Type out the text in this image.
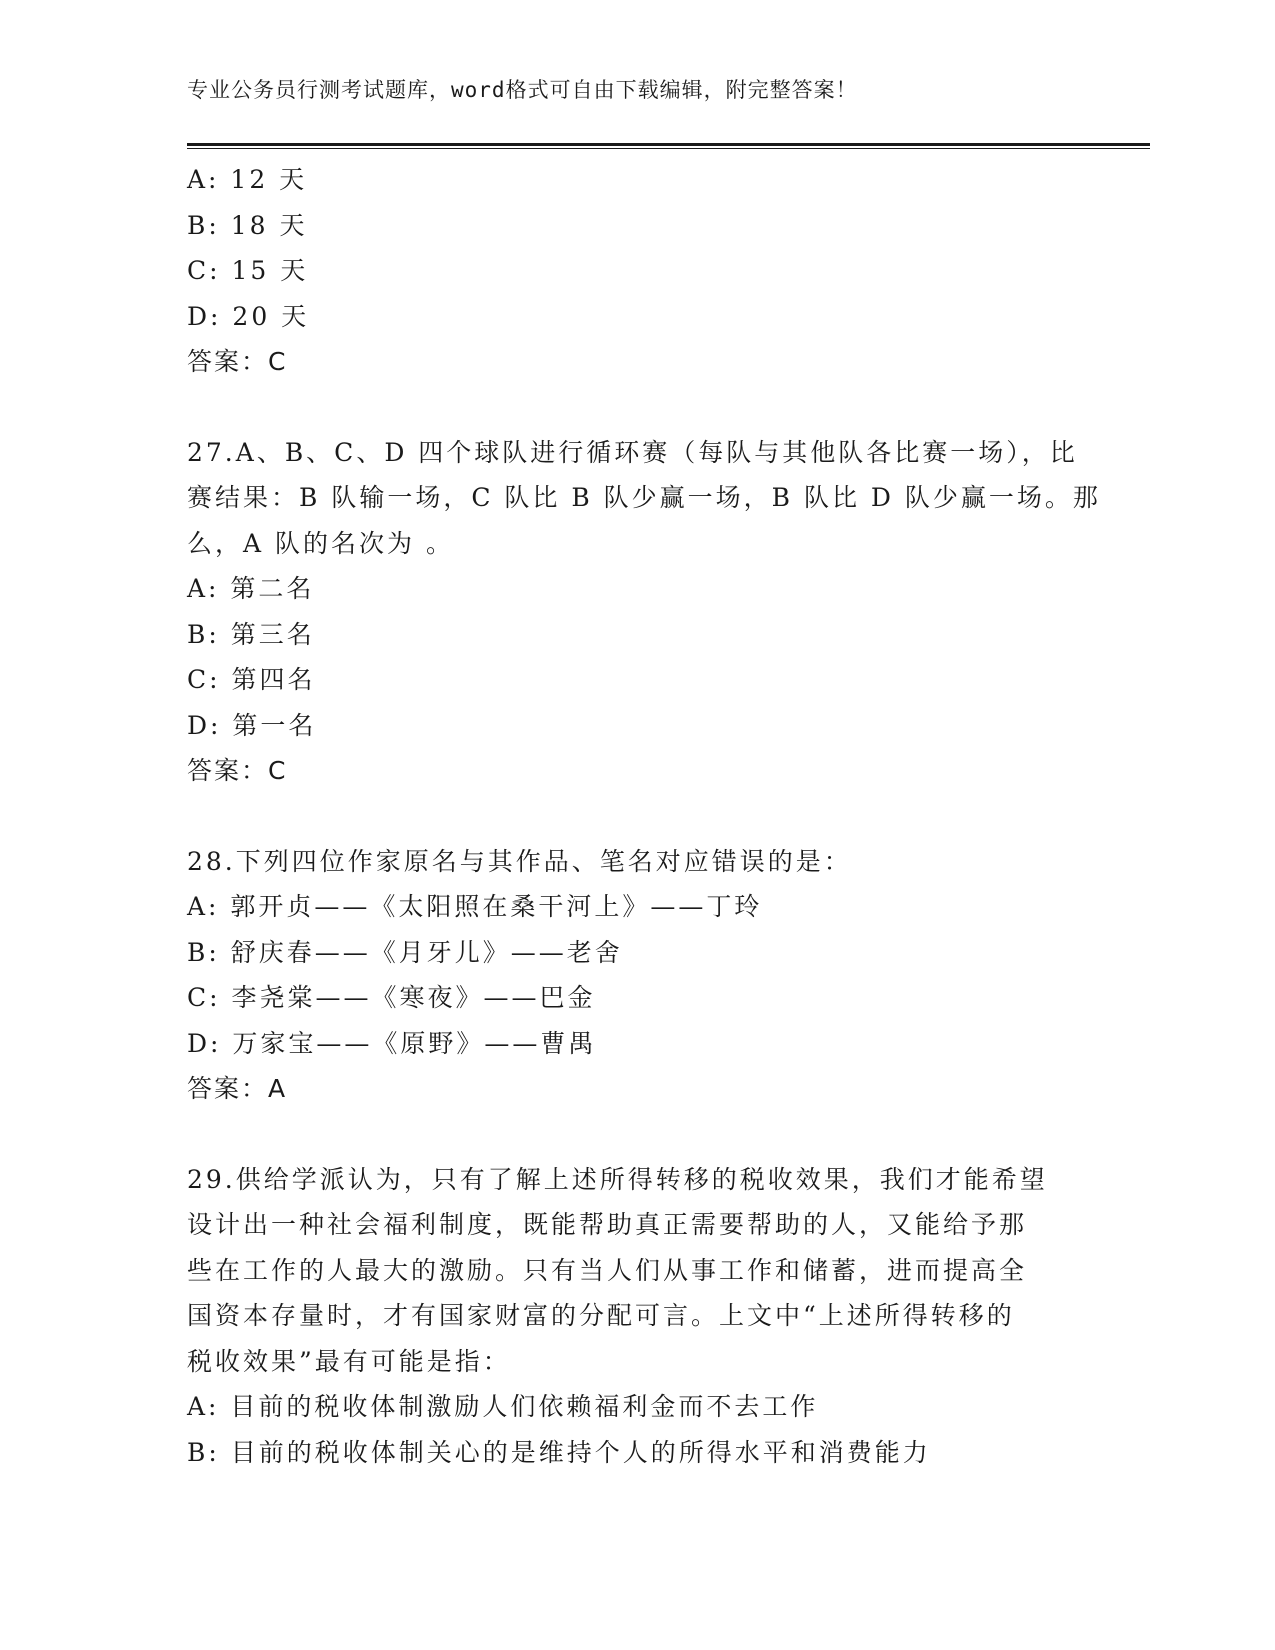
专业公务员行测考试题库，word格式可自由下载编辑，附完整答案！
A: 12 天
B: 18 天
C: 15 天
D: 20 天
答案：C
27.A、B、C、D 四个球队进行循环赛（每队与其他队各比赛一场），比
赛结果：B 队输一场，C 队比 B 队少赢一场，B 队比 D 队少赢一场。那
么，A 队的名次为 。
A: 第二名
B: 第三名
C: 第四名
D: 第一名
答案：C
28.下列四位作家原名与其作品、笔名对应错误的是：
A: 郭开贞——《太阳照在桑干河上》——丁玲
B: 舒庆春——《月牙儿》——老舍
C: 李尧棠——《寒夜》——巴金
D: 万家宝——《原野》——曹禺
答案：A
29.供给学派认为，只有了解上述所得转移的税收效果，我们才能希望
设计出一种社会福利制度，既能帮助真正需要帮助的人，又能给予那
些在工作的人最大的激励。只有当人们从事工作和储蓄，进而提高全
国资本存量时，才有国家财富的分配可言。上文中“上述所得转移的
税收效果”最有可能是指：
A: 目前的税收体制激励人们依赖福利金而不去工作
B: 目前的税收体制关心的是维持个人的所得水平和消费能力
